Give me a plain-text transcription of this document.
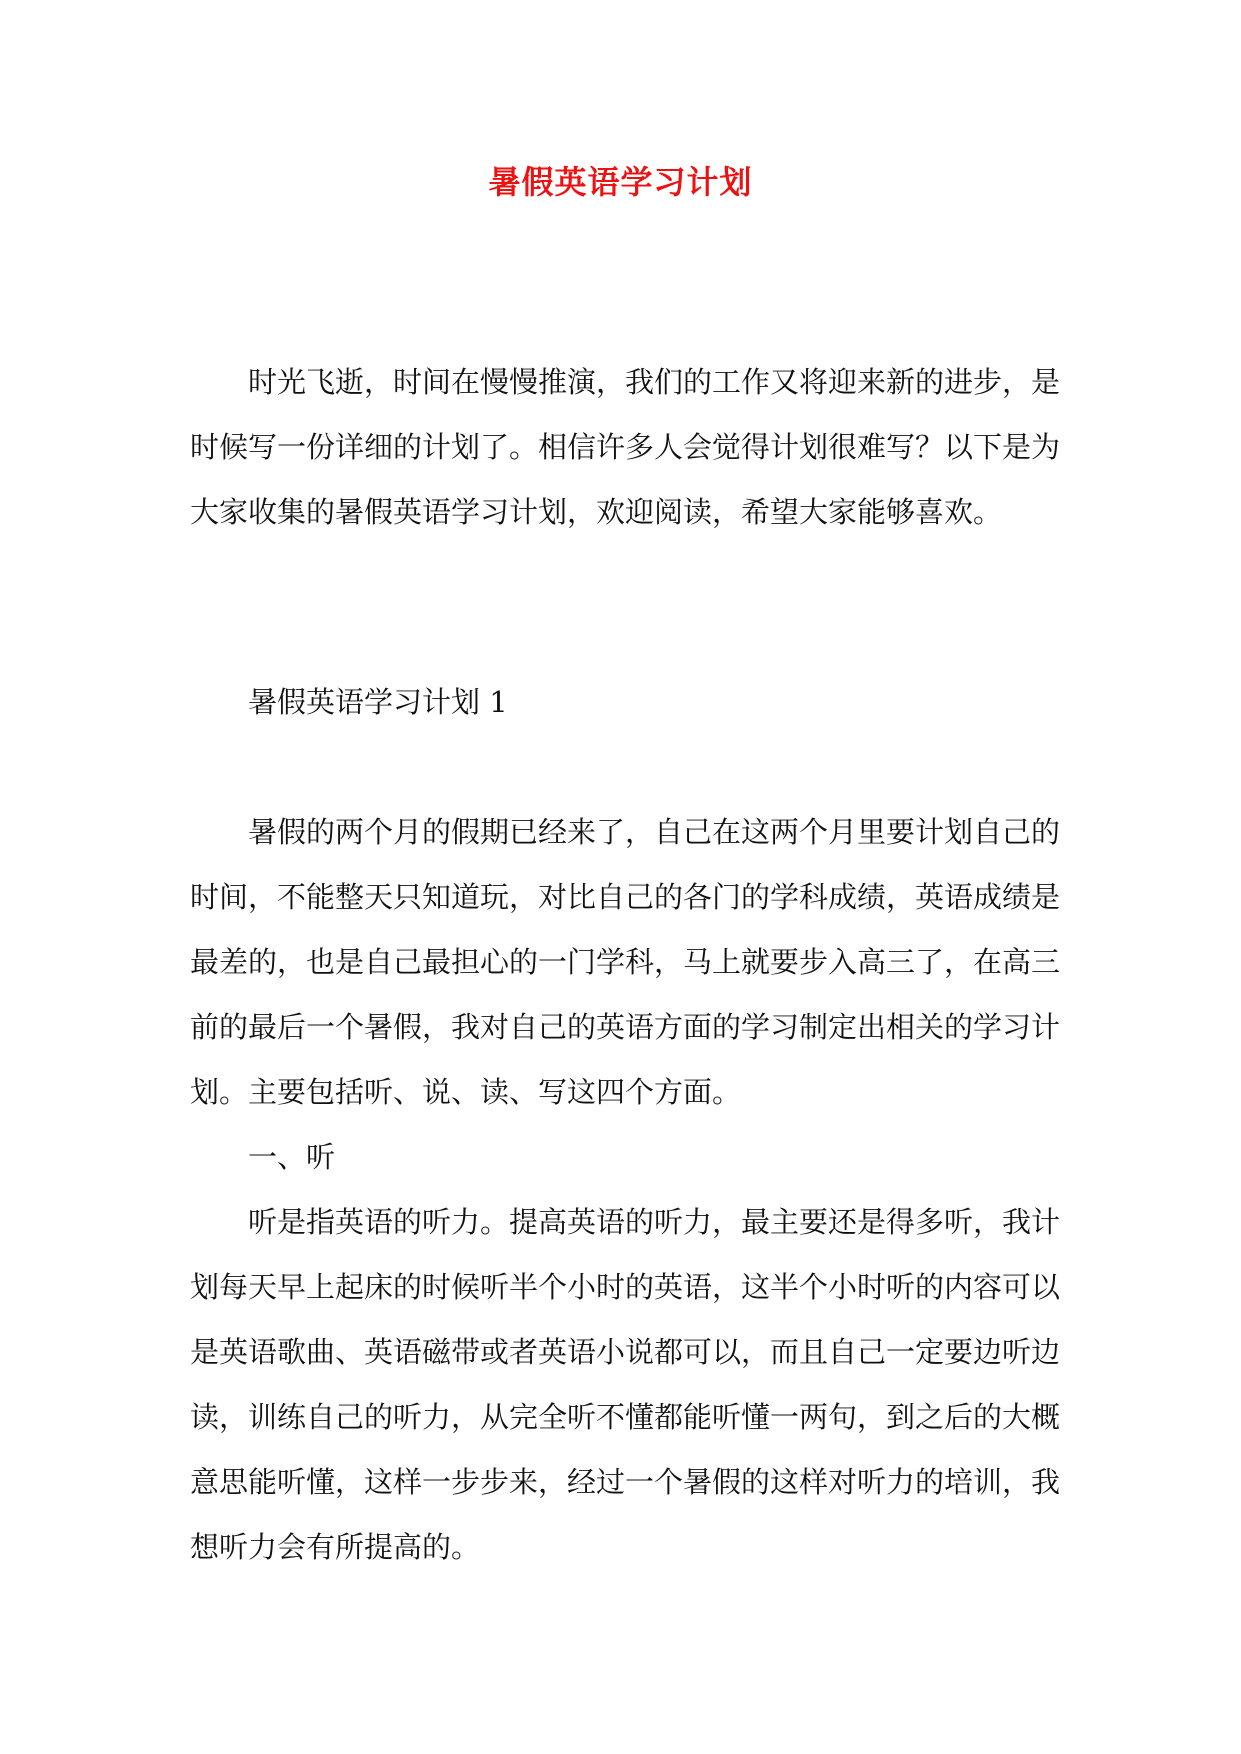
暑假英语学习计划
时光飞逝，时间在慢慢推演，我们的工作又将迎来新的进步，是
时候写一份详细的计划了。相信许多人会觉得计划很难写？以下是为
大家收集的暑假英语学习计划，欢迎阅读，希望大家能够喜欢。
暑假英语学习计划 1
暑假的两个月的假期已经来了，自己在这两个月里要计划自己的
时间，不能整天只知道玩，对比自己的各门的学科成绩，英语成绩是
最差的，也是自己最担心的一门学科，马上就要步入高三了，在高三
前的最后一个暑假，我对自己的英语方面的学习制定出相关的学习计
划。主要包括听、说、读、写这四个方面。
一、听
听是指英语的听力。提高英语的听力，最主要还是得多听，我计
划每天早上起床的时候听半个小时的英语，这半个小时听的内容可以
是英语歌曲、英语磁带或者英语小说都可以，而且自己一定要边听边
读，训练自己的听力，从完全听不懂都能听懂一两句，到之后的大概
意思能听懂，这样一步步来，经过一个暑假的这样对听力的培训，我
想听力会有所提高的。
